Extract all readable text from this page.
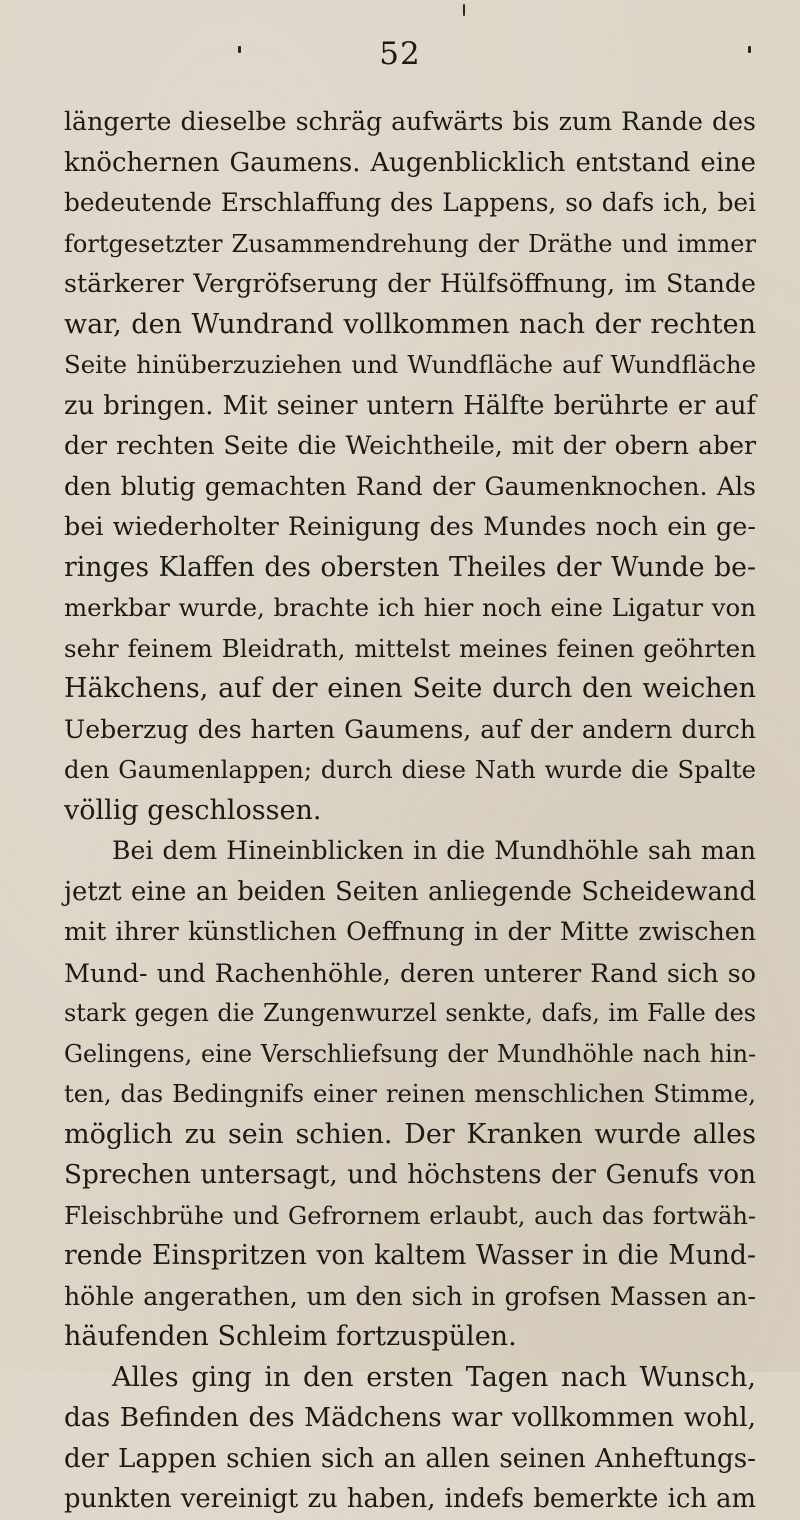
52
längerte dieselbe schräg aufwärts bis zum Rande des
knöchernen Gaumens. Augenblicklich entstand eine
bedeutende Erschlaffung des Lappens, so dafs ich, bei
fortgesetzter Zusammendrehung der Dräthe und immer
stärkerer Vergröfserung der Hülfsöffnung, im Stande
war, den Wundrand vollkommen nach der rechten
Seite hinüberzuziehen und Wundfläche auf Wundfläche
zu bringen. Mit seiner untern Hälfte berührte er auf
der rechten Seite die Weichtheile, mit der obern aber
den blutig gemachten Rand der Gaumenknochen. Als
bei wiederholter Reinigung des Mundes noch ein ge-
ringes Klaffen des obersten Theiles der Wunde be-
merkbar wurde, brachte ich hier noch eine Ligatur von
sehr feinem Bleidrath, mittelst meines feinen geöhrten
Häkchens, auf der einen Seite durch den weichen
Ueberzug des harten Gaumens, auf der andern durch
den Gaumenlappen; durch diese Nath wurde die Spalte
völlig geschlossen.
Bei dem Hineinblicken in die Mundhöhle sah man
jetzt eine an beiden Seiten anliegende Scheidewand
mit ihrer künstlichen Oeffnung in der Mitte zwischen
Mund- und Rachenhöhle, deren unterer Rand sich so
stark gegen die Zungenwurzel senkte, dafs, im Falle des
Gelingens, eine Verschliefsung der Mundhöhle nach hin-
ten, das Bedingnifs einer reinen menschlichen Stimme,
möglich zu sein schien. Der Kranken wurde alles
Sprechen untersagt, und höchstens der Genufs von
Fleischbrühe und Gefrornem erlaubt, auch das fortwäh-
rende Einspritzen von kaltem Wasser in die Mund-
höhle angerathen, um den sich in grofsen Massen an-
häufenden Schleim fortzuspülen.
Alles ging in den ersten Tagen nach Wunsch,
das Befinden des Mädchens war vollkommen wohl,
der Lappen schien sich an allen seinen Anheftungs-
punkten vereinigt zu haben, indefs bemerkte ich am
